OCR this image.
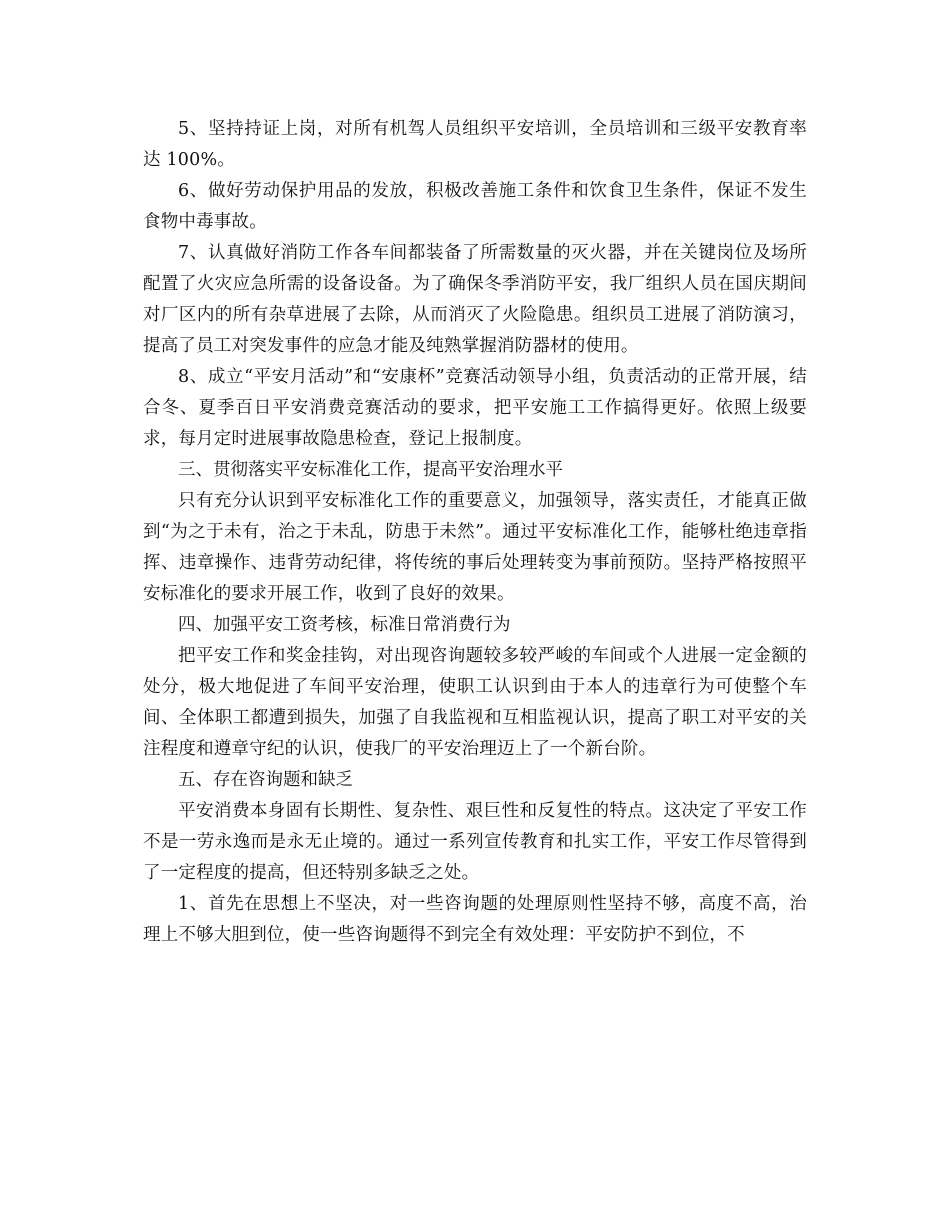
5、坚持持证上岗，对所有机驾人员组织平安培训，全员培训和三级平安教育率达 100%。

6、做好劳动保护用品的发放，积极改善施工条件和饮食卫生条件，保证不发生食物中毒事故。

7、认真做好消防工作各车间都装备了所需数量的灭火器，并在关键岗位及场所配置了火灾应急所需的设备设备。为了确保冬季消防平安，我厂组织人员在国庆期间对厂区内的所有杂草进展了去除，从而消灭了火险隐患。组织员工进展了消防演习，提高了员工对突发事件的应急才能及纯熟掌握消防器材的使用。

8、成立“平安月活动”和“安康杯”竞赛活动领导小组，负责活动的正常开展，结合冬、夏季百日平安消费竞赛活动的要求，把平安施工工作搞得更好。依照上级要求，每月定时进展事故隐患检查，登记上报制度。

三、贯彻落实平安标准化工作，提高平安治理水平

只有充分认识到平安标准化工作的重要意义，加强领导，落实责任，才能真正做到“为之于未有，治之于未乱，防患于未然”。通过平安标准化工作，能够杜绝违章指挥、违章操作、违背劳动纪律，将传统的事后处理转变为事前预防。坚持严格按照平安标准化的要求开展工作，收到了良好的效果。

四、加强平安工资考核，标准日常消费行为

把平安工作和奖金挂钩，对出现咨询题较多较严峻的车间或个人进展一定金额的处分，极大地促进了车间平安治理，使职工认识到由于本人的违章行为可使整个车间、全体职工都遭到损失，加强了自我监视和互相监视认识，提高了职工对平安的关注程度和遵章守纪的认识，使我厂的平安治理迈上了一个新台阶。

五、存在咨询题和缺乏

平安消费本身固有长期性、复杂性、艰巨性和反复性的特点。这决定了平安工作不是一劳永逸而是永无止境的。通过一系列宣传教育和扎实工作，平安工作尽管得到了一定程度的提高，但还特别多缺乏之处。

1、首先在思想上不坚决，对一些咨询题的处理原则性坚持不够，高度不高，治理上不够大胆到位，使一些咨询题得不到完全有效处理：平安防护不到位，不
